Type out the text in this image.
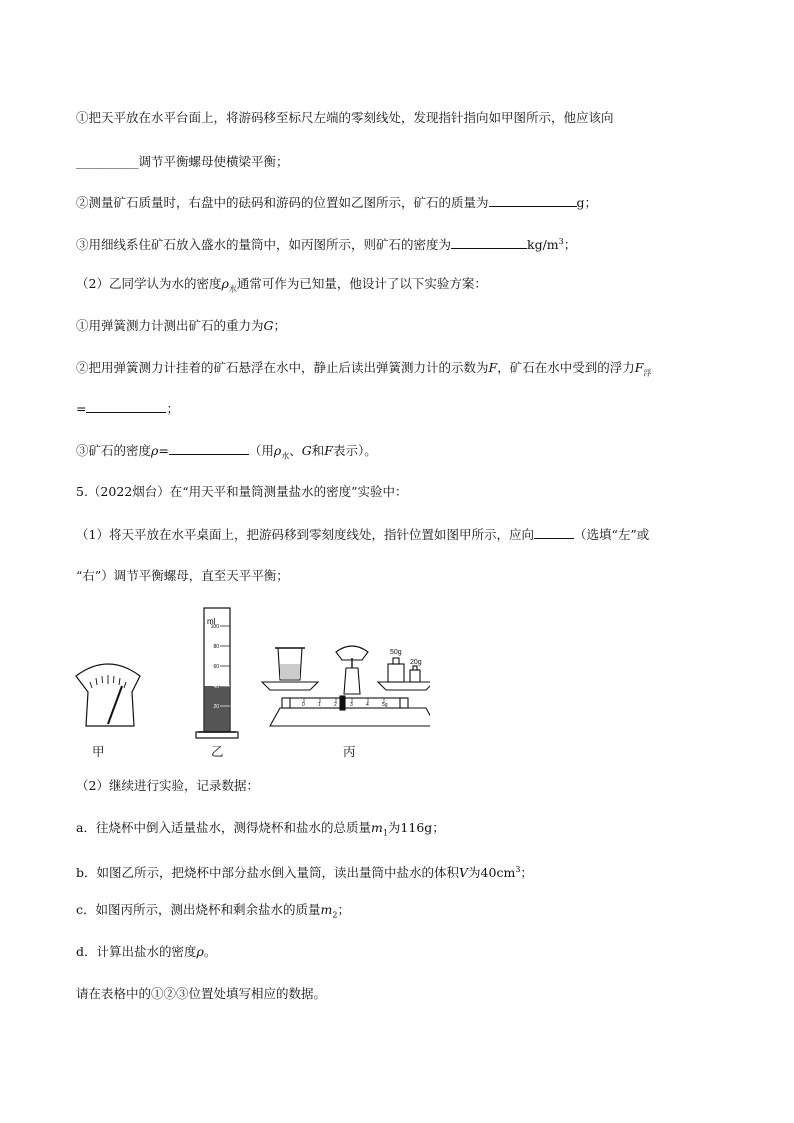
①把天平放在水平台面上，将游码移至标尺左端的零刻线处，发现指针指向如甲图所示，他应该向
__________调节平衡螺母使横梁平衡；
②测量矿石质量时，右盘中的砝码和游码的位置如乙图所示，矿石的质量为	g；
③用细线系住矿石放入盛水的量筒中，如丙图所示，则矿石的密度为	$kg/m^3$；
（2）乙同学认为水的密度$\rho_水$通常可作为已知量，他设计了以下实验方案：
①用弹簧测力计测出矿石的重力为G；
②把用弹簧测力计挂着的矿石悬浮在水中，静止后读出弹簧测力计的示数为F，矿石在水中受到的浮力$F_浮$
=	；
③矿石的密度ρ=	（用$\rho_水$、G和F表示）。
5.（2022烟台）在“用天平和量筒测量盐水的密度”实验中：
（1）将天平放在水平桌面上，把游码移到零刻度线处，指针位置如图甲所示，应向	（选填“左”或
“右”）调节平衡螺母，直至天平平衡；
ml
100
80
60
40
20
50g
20g
0	1	2	3	4	5g
甲	乙	丙
（2）继续进行实验，记录数据：
a．往烧杯中倒入适量盐水，测得烧杯和盐水的总质量$m_1$为116g；
b．如图乙所示，把烧杯中部分盐水倒入量筒，读出量筒中盐水的体积V为$40cm^3$；
c．如图丙所示，测出烧杯和剩余盐水的质量$m_2$；
d．计算出盐水的密度ρ。
请在表格中的①②③位置处填写相应的数据。
